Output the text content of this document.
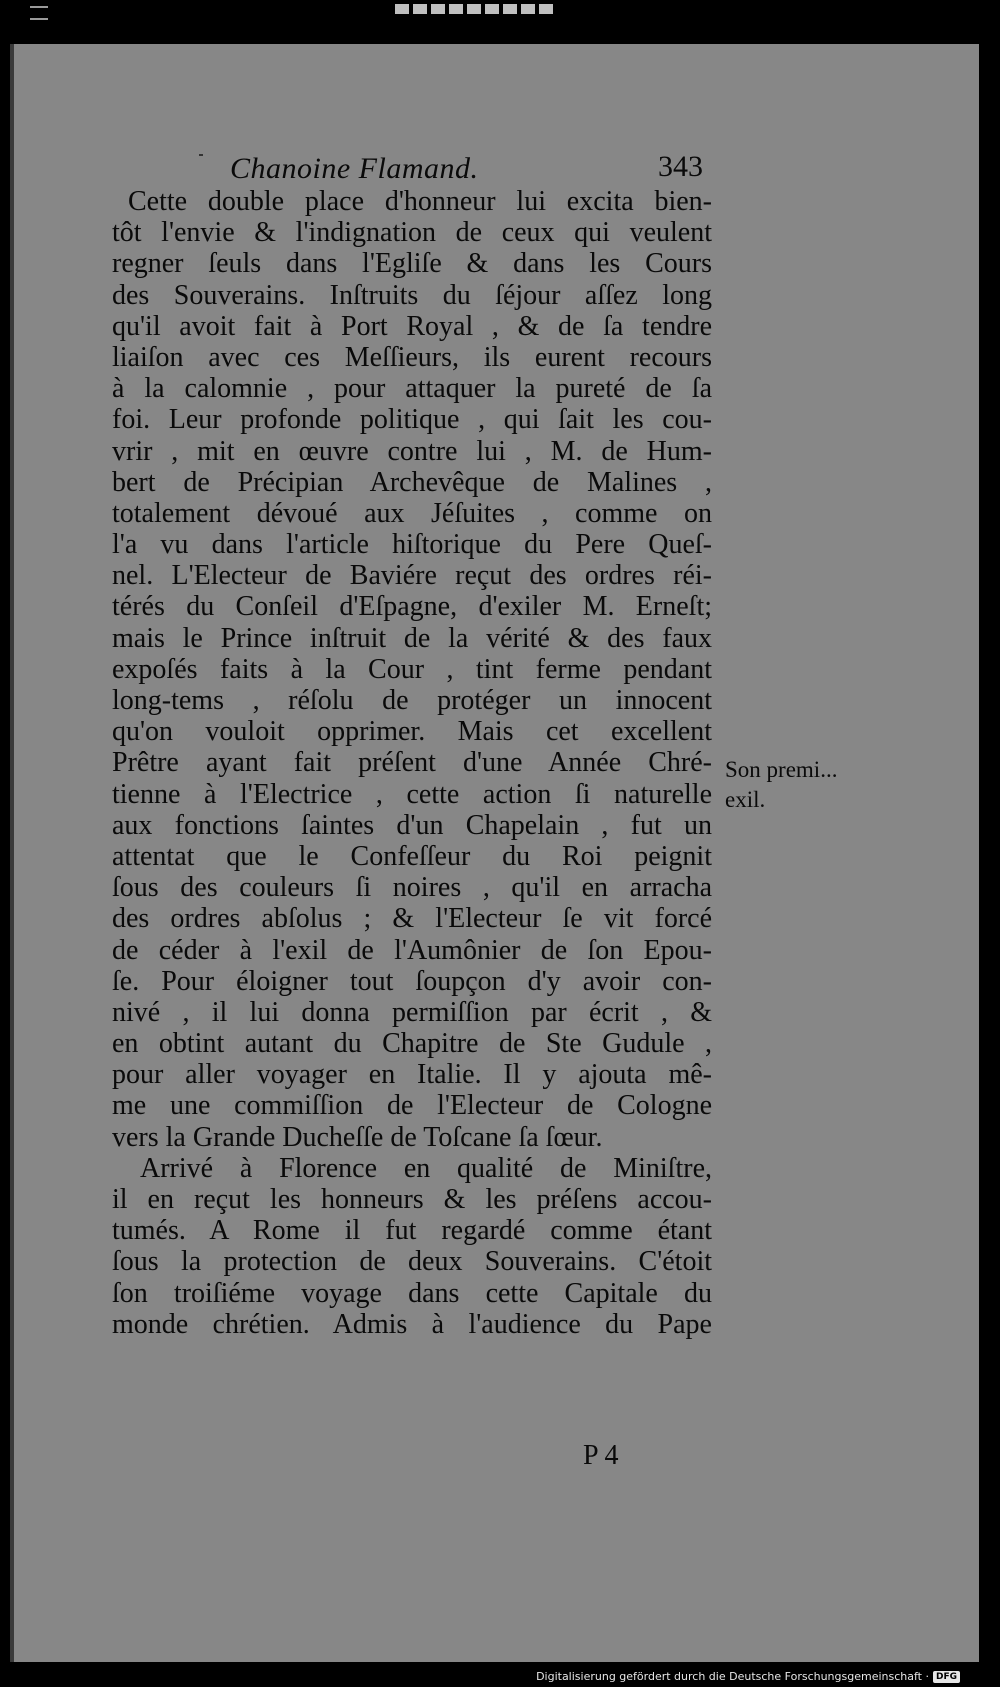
Chanoine Flamand.	343
Cette double place d'honneur lui excita bien-
tôt l'envie & l'indignation de ceux qui veulent
regner ſeuls dans l'Egliſe & dans les Cours
des Souverains. Inſtruits du ſéjour aſſez long
qu'il avoit fait à Port Royal , & de ſa tendre
liaiſon avec ces Meſſieurs, ils eurent recours
à la calomnie , pour attaquer la pureté de ſa
foi. Leur profonde politique , qui ſait les cou-
vrir , mit en œuvre contre lui , M. de Hum-
bert de Précipian Archevêque de Malines ,
totalement dévoué aux Jéſuites , comme on
l'a vu dans l'article hiſtorique du Pere Queſ-
nel. L'Electeur de Baviére reçut des ordres réi-
térés du Conſeil d'Eſpagne, d'exiler M. Erneſt;
mais le Prince inſtruit de la vérité & des faux
expoſés faits à la Cour , tint ferme pendant
long-tems , réſolu de protéger un innocent
qu'on vouloit opprimer. Mais cet excellent
Prêtre ayant fait préſent d'une Année Chré-
tienne à l'Electrice , cette action ſi naturelle
aux fonctions ſaintes d'un Chapelain , fut un
attentat que le Confeſſeur du Roi peignit
ſous des couleurs ſi noires , qu'il en arracha
des ordres abſolus ; & l'Electeur ſe vit forcé
de céder à l'exil de l'Aumônier de ſon Epou-
ſe. Pour éloigner tout ſoupçon d'y avoir con-
nivé , il lui donna permiſſion par écrit , &
en obtint autant du Chapitre de Ste Gudule ,
pour aller voyager en Italie. Il y ajouta mê-
me une commiſſion de l'Electeur de Cologne
vers la Grande Ducheſſe de Toſcane ſa ſœur.
Arrivé à Florence en qualité de Miniſtre,
il en reçut les honneurs & les préſens accou-
tumés. A Rome il fut regardé comme étant
ſous la protection de deux Souverains. C'étoit
ſon troiſiéme voyage dans cette Capitale du
monde chrétien. Admis à l'audience du Pape
Son premi...
exil.
P 4
Digitalisierung gefördert durch die Deutsche Forschungsgemeinschaft · DFG
